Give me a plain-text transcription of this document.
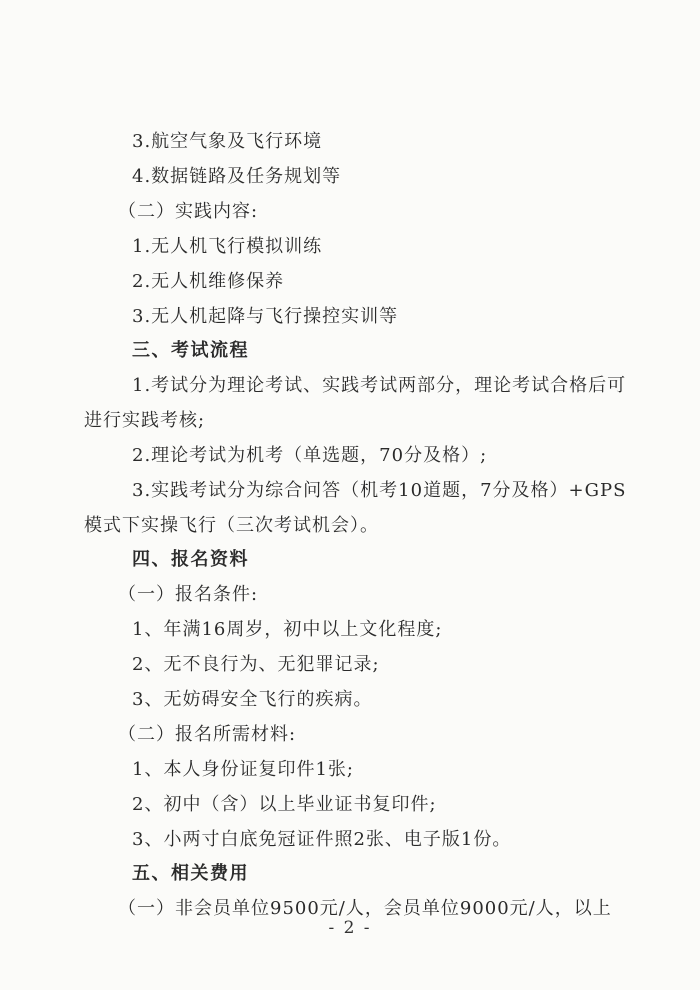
3.航空气象及飞行环境
4.数据链路及任务规划等
（二）实践内容:
1.无人机飞行模拟训练
2.无人机维修保养
3.无人机起降与飞行操控实训等
三、考试流程
1.考试分为理论考试、实践考试两部分，理论考试合格后可
进行实践考核;
2.理论考试为机考（单选题，70分及格）;
3.实践考试分为综合问答（机考10道题，7分及格）+GPS
模式下实操飞行（三次考试机会）。
四、报名资料
（一）报名条件:
1、年满16周岁，初中以上文化程度;
2、无不良行为、无犯罪记录;
3、无妨碍安全飞行的疾病。
（二）报名所需材料:
1、本人身份证复印件1张;
2、初中（含）以上毕业证书复印件;
3、小两寸白底免冠证件照2张、电子版1份。
五、相关费用
（一）非会员单位9500元/人，会员单位9000元/人，以上
- 2 -
